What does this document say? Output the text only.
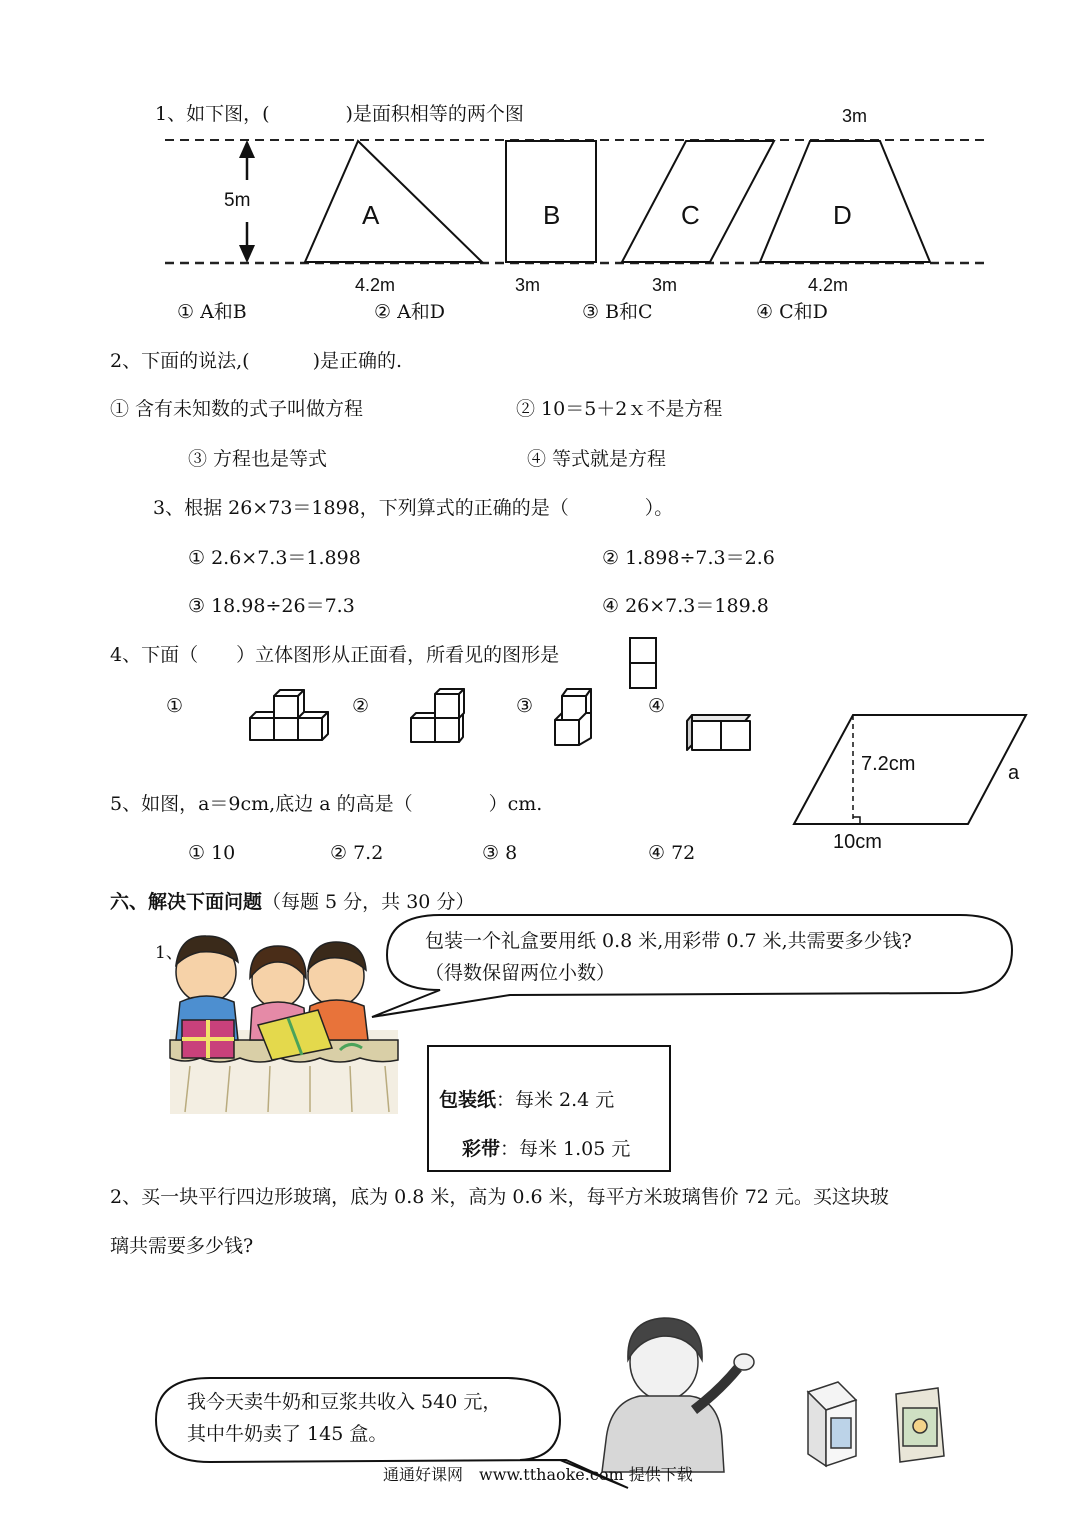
1、如下图，(　　　　)是面积相等的两个图	3m
5m	A	B	C	D
4.2m	3m	3m	4.2m
① A和B	② A和D	③ B和C	④ C和D
2、下面的说法,(　　　 )是正确的.
① 含有未知数的式子叫做方程	② 10＝5＋2ｘ不是方程
③ 方程也是等式	④ 等式就是方程
3、根据 26×73＝1898，下列算式的正确的是（　　　　）。
① 2.6×7.3＝1.898	② 1.898÷7.3＝2.6
③ 18.98÷26＝7.3	④ 26×7.3＝189.8
4、下面（　　）立体图形从正面看，所看见的图形是
①	②	③	④
5、如图，a＝9cm,底边 a 的高是（　　　　）cm.
① 10	② 7.2	③ 8	④ 72
7.2cm	a
10cm
六、解决下面问题（每题 5 分，共 30 分）
1、
包装一个礼盒要用纸 0.8 米,用彩带 0.7 米,共需要多少钱?
（得数保留两位小数）
包装纸：每米 2.4 元
彩带：每米 1.05 元
2、买一块平行四边形玻璃，底为 0.8 米，高为 0.6 米，每平方米玻璃售价 72 元。买这块玻
璃共需要多少钱?
我今天卖牛奶和豆浆共收入 540 元，
其中牛奶卖了 145 盒。
通通好课网　www.tthaoke.com 提供下载
